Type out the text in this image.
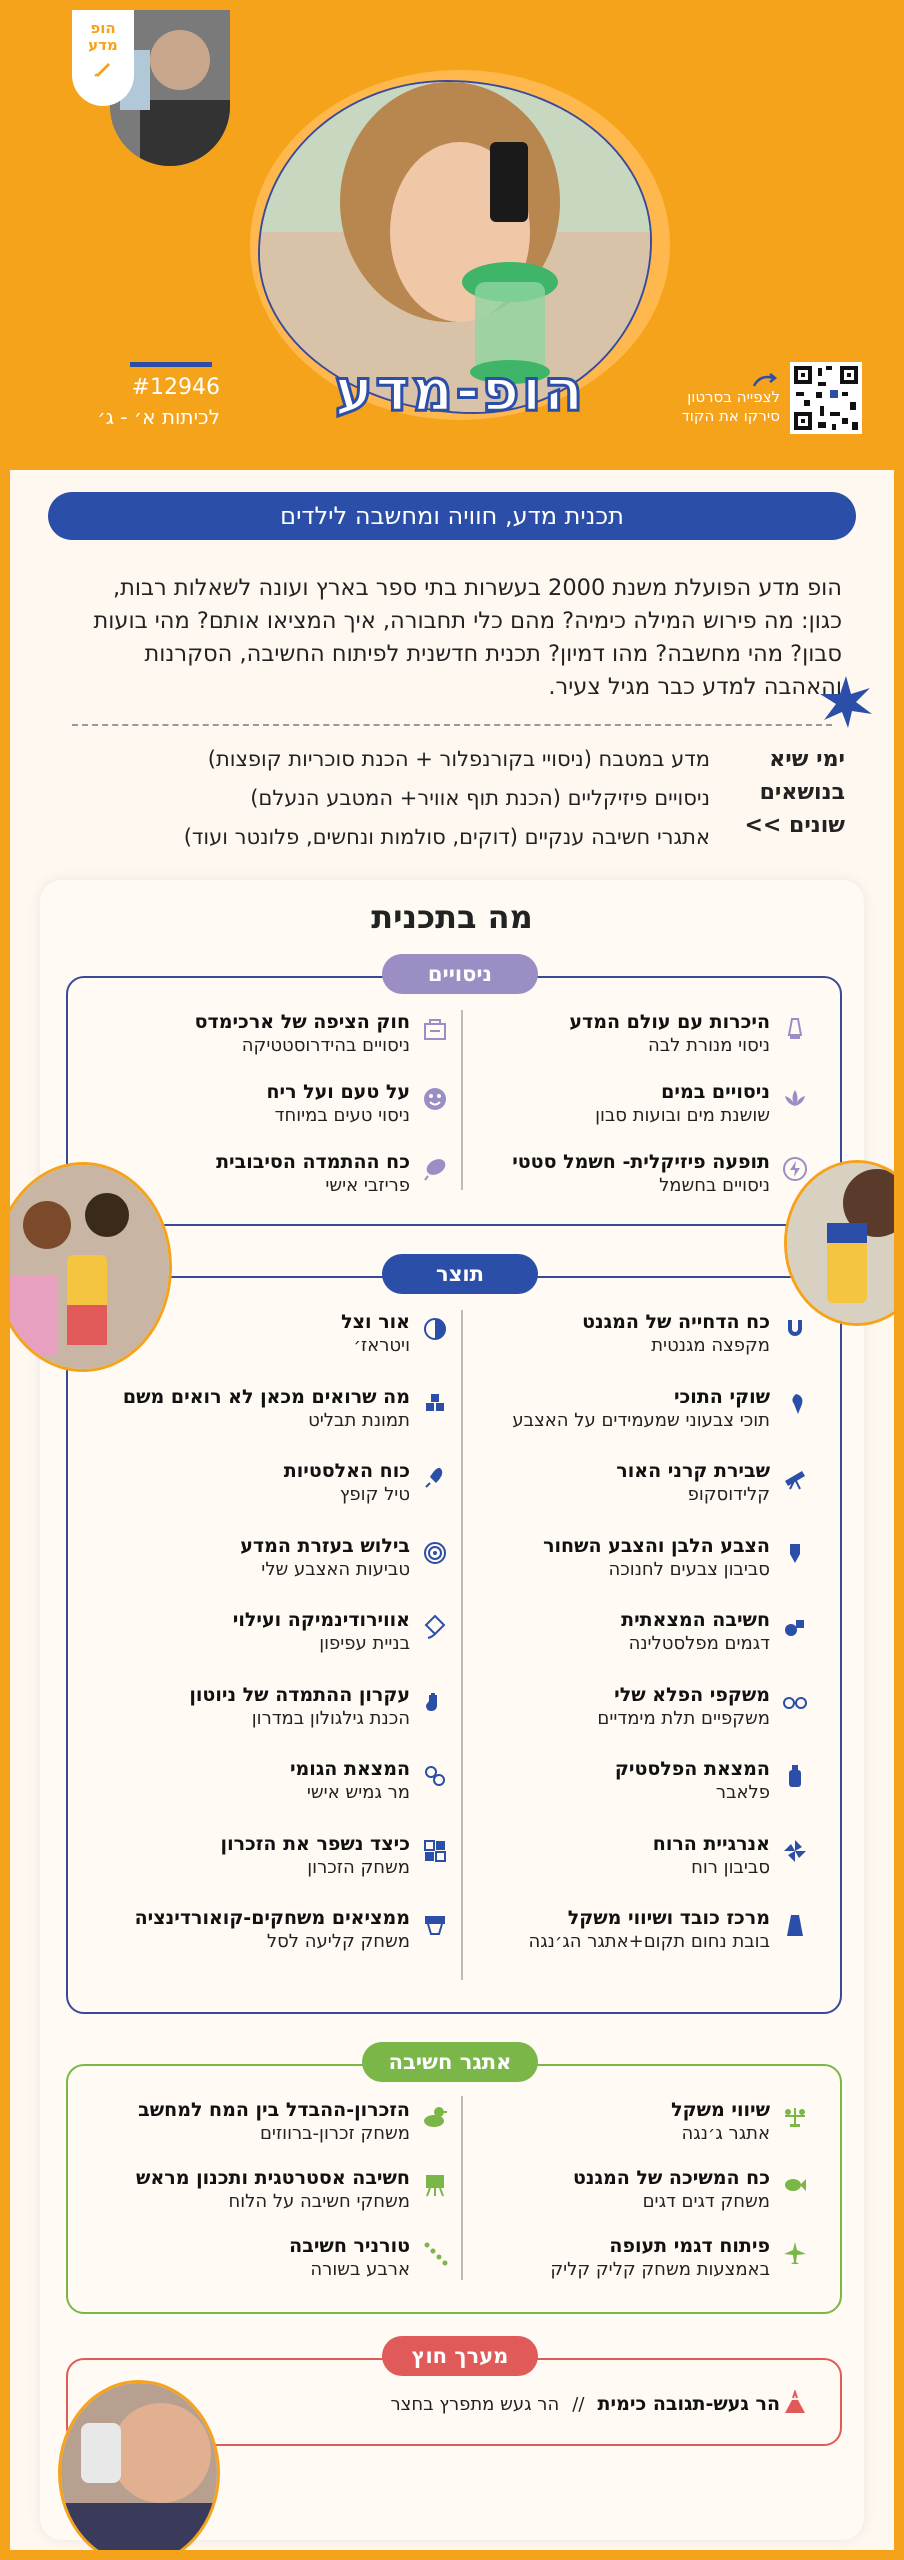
הופ
מדע
הופ-מדע
#12946
לכיתות א׳ - ג׳
לצפייה בסרטון
סירקו את הקוד
תכנית מדע, חוויה ומחשבה לילדים
הופ מדע הפועלת משנת 2000 בעשרות בתי ספר בארץ ועונה לשאלות רבות, כגון: מה פירוש המילה כימיה? מהם כלי תחבורה, איך המציאו אותם? מהי בועות סבון? מהי מחשבה? מהו דמיון? תכנית חדשנית לפיתוח החשיבה, הסקרנות והאהבה למדע כבר מגיל צעיר.
ימי שיא
בנושאים
שונים >>
מדע במטבח (ניסויי בקורנפלור + הכנת סוכריות קופצות)
ניסויים פיזיקליים (הכנת תוף אוויר+ המטבע הנעלם)
אתגרי חשיבה ענקיים (דוקים, סולמות ונחשים, פלונטר ועוד)
מה בתכנית
ניסויים
היכרות עם עולם המדע
ניסוי מנורת לבה
ניסויים במים
שושנת מים ובועות סבון
תופעה פיזיקלית- חשמל סטטי
ניסויים בחשמל
חוק הציפה של ארכימדס
ניסויים בהידרוסטטיקה
על טעם ועל ריח
ניסוי טעים במיוחד
כח ההתמדה הסיבובית
פריזבי אישי
תוצר
כח הדחייה של המגנט
מקפצה מגנטית
שוקי התוכי
תוכי צבעוני שמעמידים על האצבע
שבירת קרני האור
קלידוסקופ
הצבע הלבן והצבע השחור
סביבון צבעים לחנוכה
חשיבה המצאתית
דגמים מפלסטלינה
משקפי הפלא שלי
משקפיים תלת מימדיים
המצאת הפלסטיק
פלאבר
אנרגיית הרוח
סביבון רוח
מרכז כובד ושיווי משקל
בובת נחום תקום+אתגר הג׳נגה
אור וצל
ויטראז׳
מה שרואים מכאן לא רואים משם
תמונת תבליט
כוח האלסטיות
טיל קופץ
בילוש בעזרת המדע
טביעות האצבע שלי
אווירודינמיקה ועילוי
בניית עפיפון
עקרון ההתמדה של ניוטון
הכנת גילגולון במדרון
המצאת הגומי
מר גמיש אישי
כיצד נשפר את הזכרון
משחק הזכרון
ממציאים משחקים-קואורדינציה
משחק קליעה לסל
אתגר חשיבה
שיווי משקל
אתגר ג׳נגה
כח המשיכה של המגנט
משחק דגים דגים
פיתוח דגמי תעופה
באמצעות משחק קליק קליק
הזכרון-ההבדל בין המח למחשב
משחק זכרון-ברווזים
חשיבה אסטרטגית ותכנון מראש
משחקי חשיבה על הלוח
טורניר חשיבה
ארבע בשורה
מערך חוץ
הר געש-תגובה כימית // הר געש מתפרץ בחצר
